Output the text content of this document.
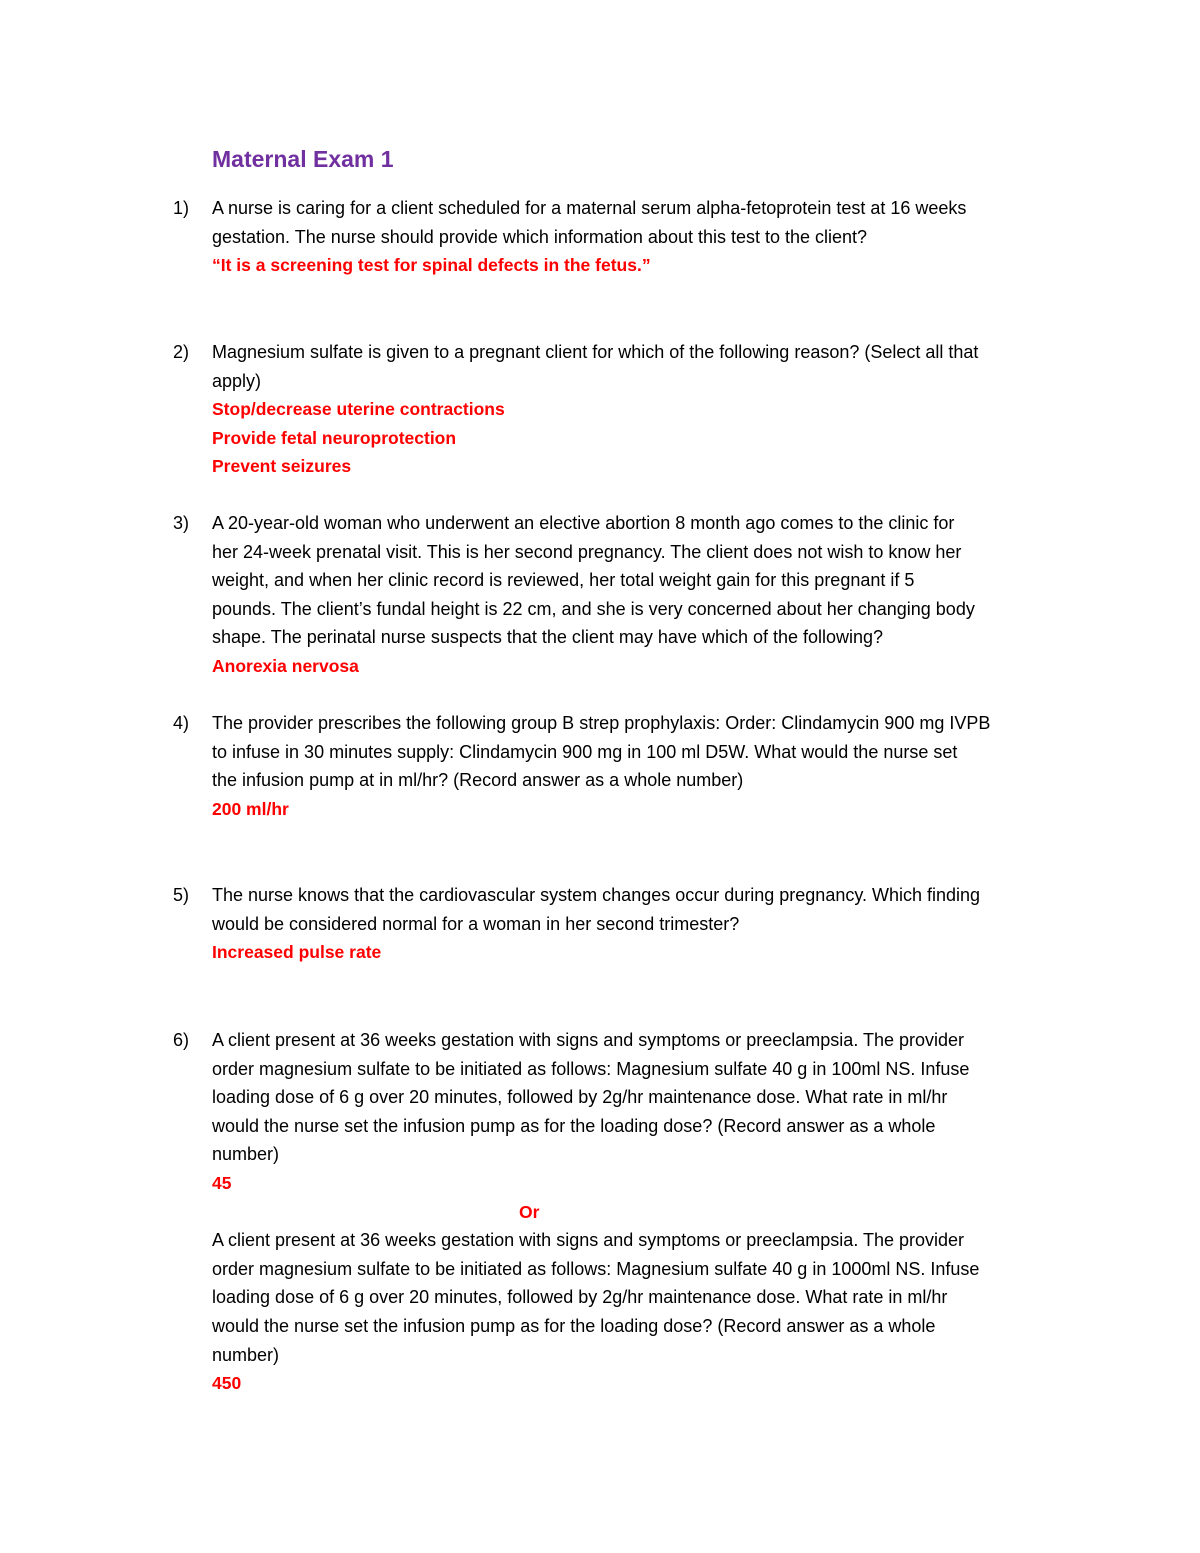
Maternal Exam 1
1)	A nurse is caring for a client scheduled for a maternal serum alpha-fetoprotein test at 16 weeks
gestation. The nurse should provide which information about this test to the client?
“It is a screening test for spinal defects in the fetus.”
2)	Magnesium sulfate is given to a pregnant client for which of the following reason? (Select all that
apply)
Stop/decrease uterine contractions
Provide fetal neuroprotection
Prevent seizures
3)	A 20-year-old woman who underwent an elective abortion 8 month ago comes to the clinic for
her 24-week prenatal visit. This is her second pregnancy. The client does not wish to know her
weight, and when her clinic record is reviewed, her total weight gain for this pregnant if 5
pounds. The client’s fundal height is 22 cm, and she is very concerned about her changing body
shape. The perinatal nurse suspects that the client may have which of the following?
Anorexia nervosa
4)	The provider prescribes the following group B strep prophylaxis: Order: Clindamycin 900 mg IVPB
to infuse in 30 minutes supply: Clindamycin 900 mg in 100 ml D5W. What would the nurse set
the infusion pump at in ml/hr? (Record answer as a whole number)
200 ml/hr
5)	The nurse knows that the cardiovascular system changes occur during pregnancy. Which finding
would be considered normal for a woman in her second trimester?
Increased pulse rate
6)	A client present at 36 weeks gestation with signs and symptoms or preeclampsia. The provider
order magnesium sulfate to be initiated as follows: Magnesium sulfate 40 g in 100ml NS. Infuse
loading dose of 6 g over 20 minutes, followed by 2g/hr maintenance dose. What rate in ml/hr
would the nurse set the infusion pump as for the loading dose? (Record answer as a whole
number)
45
Or
A client present at 36 weeks gestation with signs and symptoms or preeclampsia. The provider
order magnesium sulfate to be initiated as follows: Magnesium sulfate 40 g in 1000ml NS. Infuse
loading dose of 6 g over 20 minutes, followed by 2g/hr maintenance dose. What rate in ml/hr
would the nurse set the infusion pump as for the loading dose? (Record answer as a whole
number)
450
